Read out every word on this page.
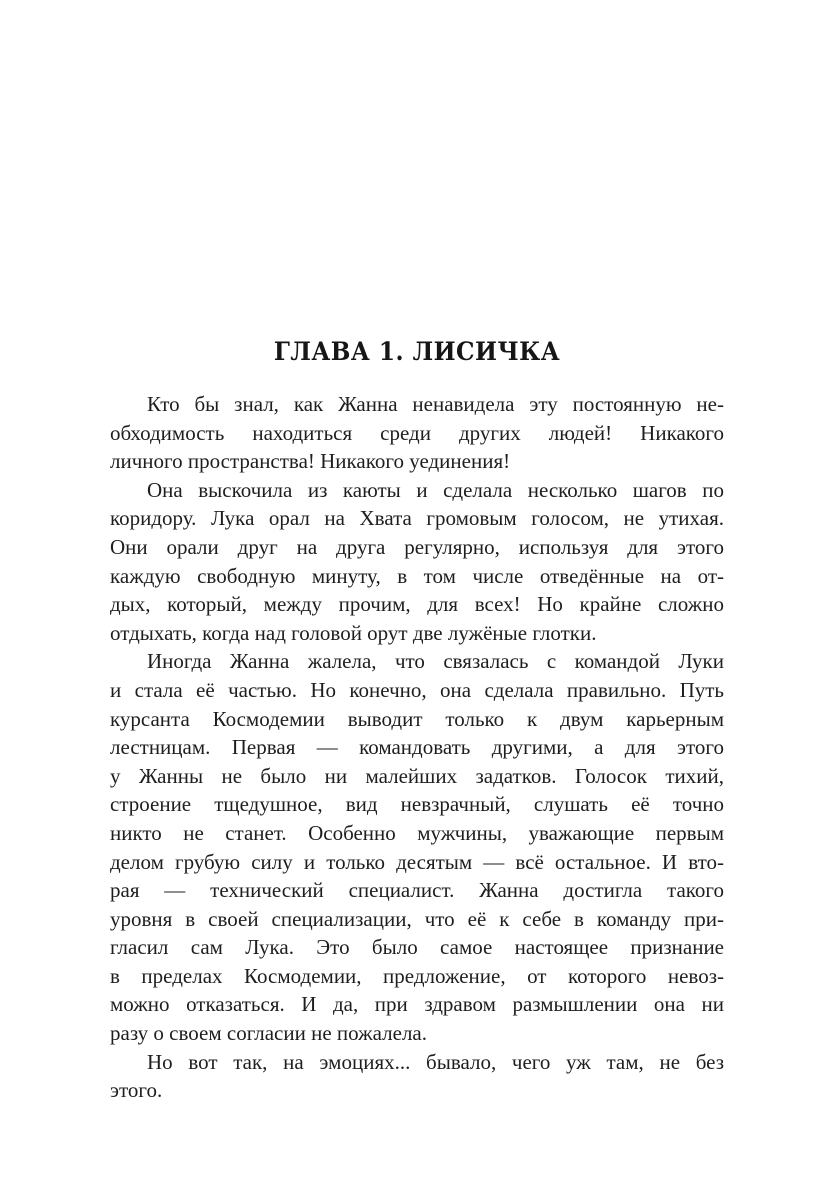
ГЛАВА 1. ЛИСИЧКА
Кто бы знал, как Жанна ненавидела эту постоянную не-
обходимость находиться среди других людей! Никакого
личного пространства! Никакого уединения!
Она выскочила из каюты и сделала несколько шагов по
коридору. Лука орал на Хвата громовым голосом, не утихая.
Они орали друг на друга регулярно, используя для этого
каждую свободную минуту, в том числе отведённые на от-
дых, который, между прочим, для всех! Но крайне сложно
отдыхать, когда над головой орут две лужёные глотки.
Иногда Жанна жалела, что связалась с командой Луки
и стала её частью. Но конечно, она сделала правильно. Путь
курсанта Космодемии выводит только к двум карьерным
лестницам. Первая — командовать другими, а для этого
у Жанны не было ни малейших задатков. Голосок тихий,
строение тщедушное, вид невзрачный, слушать её точно
никто не станет. Особенно мужчины, уважающие первым
делом грубую силу и только десятым — всё остальное. И вто-
рая — технический специалист. Жанна достигла такого
уровня в своей специализации, что её к себе в команду при-
гласил сам Лука. Это было самое настоящее признание
в пределах Космодемии, предложение, от которого невоз-
можно отказаться. И да, при здравом размышлении она ни
разу о своем согласии не пожалела.
Но вот так, на эмоциях... бывало, чего уж там, не без
этого.
